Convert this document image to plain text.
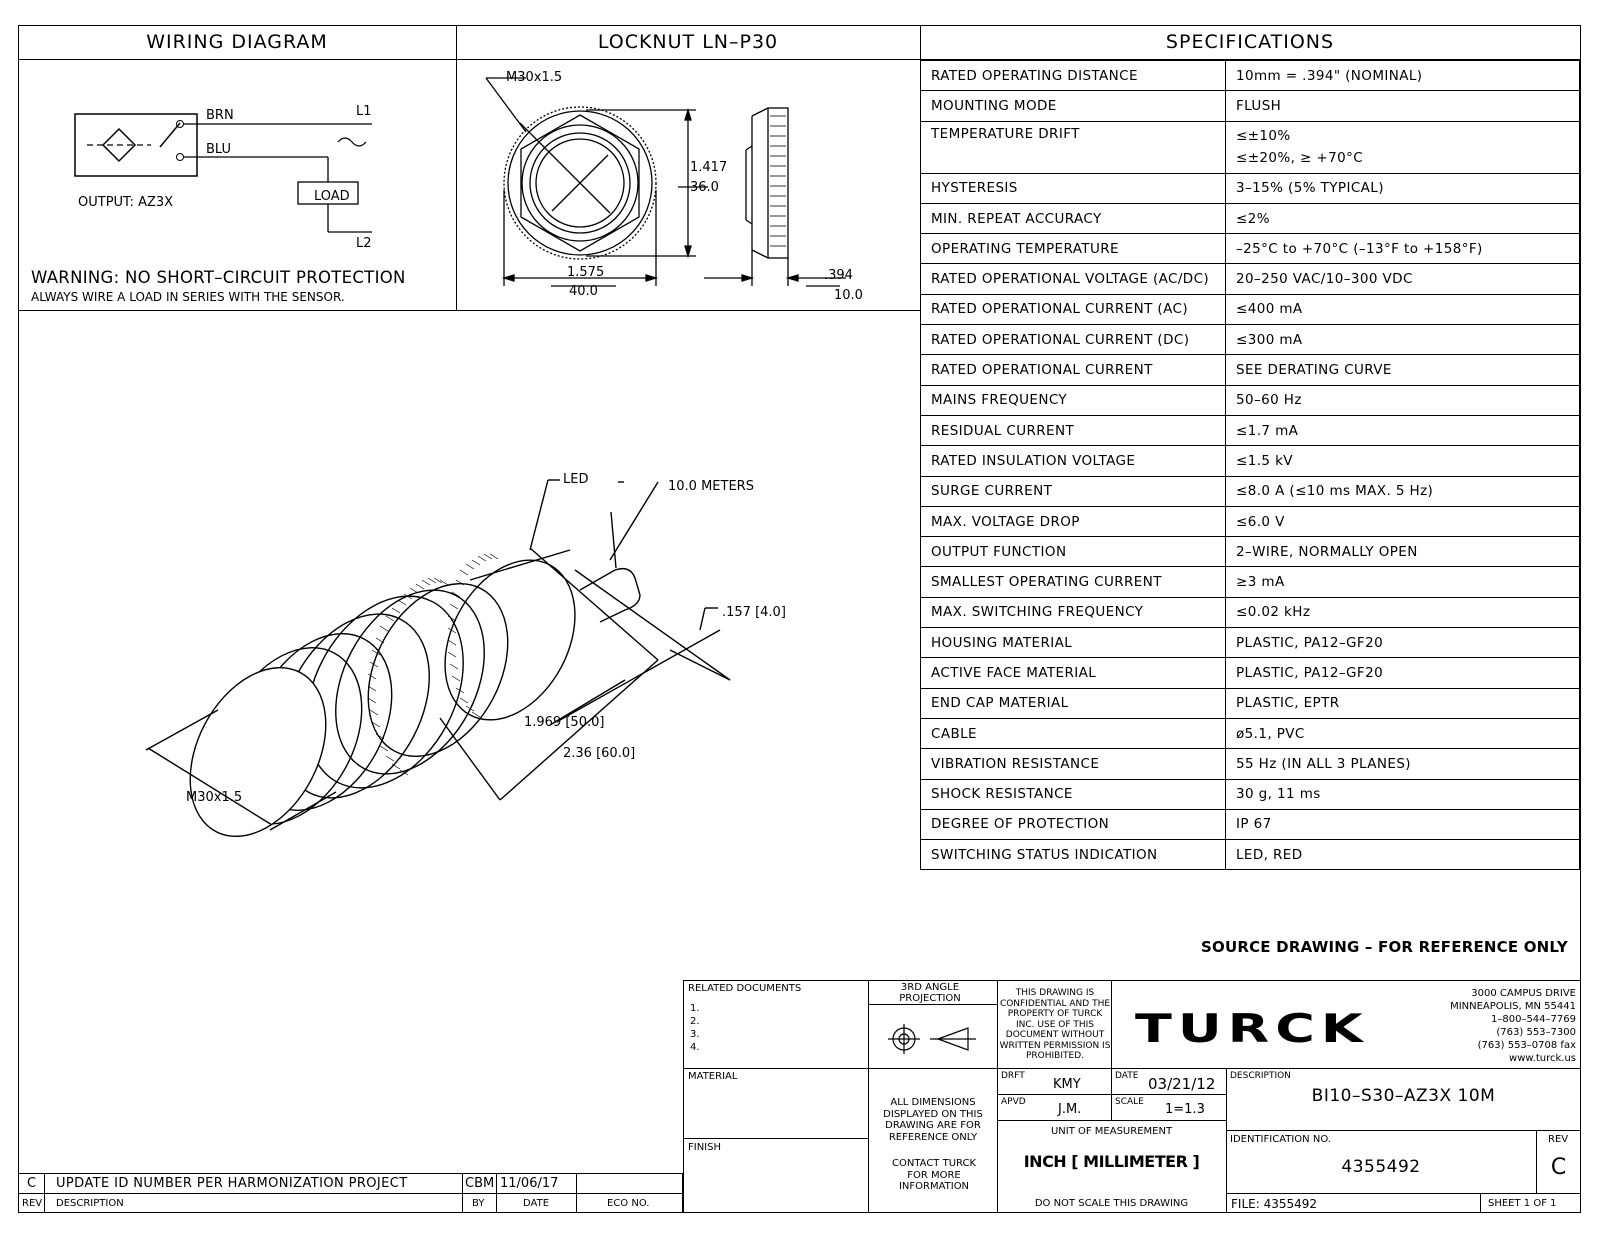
WIRING DIAGRAM	LOCKNUT LN–P30	SPECIFICATIONS
BRN
BLU
L1
L2
LOAD
OUTPUT: AZ3X
WARNING: NO SHORT–CIRCUIT PROTECTION
ALWAYS WIRE A LOAD IN SERIES WITH THE SENSOR.
M30x1.5
1.417
36.0
1.575
40.0
.394
10.0
RATED OPERATING DISTANCE	10mm = .394" (NOMINAL)
MOUNTING MODE	FLUSH
TEMPERATURE DRIFT	≤±10%
≤±20%, ≥ +70°C

HYSTERESIS	3–15% (5% TYPICAL)
MIN. REPEAT ACCURACY	≤2%
OPERATING TEMPERATURE	–25°C to +70°C (–13°F to +158°F)
RATED OPERATIONAL VOLTAGE (AC/DC)	20–250 VAC/10–300 VDC
RATED OPERATIONAL CURRENT (AC)	≤400 mA
RATED OPERATIONAL CURRENT (DC)	≤300 mA
RATED OPERATIONAL CURRENT	SEE DERATING CURVE
MAINS FREQUENCY	50–60 Hz
RESIDUAL CURRENT	≤1.7 mA
RATED INSULATION VOLTAGE	≤1.5 kV
SURGE CURRENT	≤8.0 A (≤10 ms MAX. 5 Hz)
MAX. VOLTAGE DROP	≤6.0 V
OUTPUT FUNCTION	2–WIRE, NORMALLY OPEN
SMALLEST OPERATING CURRENT	≥3 mA
MAX. SWITCHING FREQUENCY	≤0.02 kHz
HOUSING MATERIAL	PLASTIC, PA12–GF20
ACTIVE FACE MATERIAL	PLASTIC, PA12–GF20
END CAP MATERIAL	PLASTIC, EPTR
CABLE	ø5.1, PVC
VIBRATION RESISTANCE	55 Hz (IN ALL 3 PLANES)
SHOCK RESISTANCE	30 g, 11 ms
DEGREE OF PROTECTION	IP 67
SWITCHING STATUS INDICATION	LED, RED
LED	10.0 METERS
.157 [4.0]
1.969 [50.0]
2.36 [60.0]
M30x1.5
SOURCE DRAWING – FOR REFERENCE ONLY
RELATED DOCUMENTS
1.
2.
3.
4.
3RD ANGLE PROJECTION	THIS DRAWING IS CONFIDENTIAL AND THE PROPERTY OF TURCK INC. USE OF THIS DOCUMENT WITHOUT WRITTEN PERMISSION IS PROHIBITED.
TURCK
3000 CAMPUS DRIVE
MINNEAPOLIS, MN 55441
1–800–544–7769
(763) 553–7300
(763) 553–0708 fax
www.turck.us
MATERIAL
FINISH
ALL DIMENSIONS DISPLAYED ON THIS DRAWING ARE FOR REFERENCE ONLY
CONTACT TURCK FOR MORE INFORMATION
DRFT
KMY
DATE 03/21/12
APVD J.M.	SCALE 1=1.3
UNIT OF MEASUREMENT
INCH [ MILLIMETER ]
DO NOT SCALE THIS DRAWING
DESCRIPTION
BI10–S30–AZ3X 10M
IDENTIFICATION NO.
4355492
REV
C
FILE: 4355492	SHEET 1 OF 1
C UPDATE ID NUMBER PER HARMONIZATION PROJECT	CBM 11/06/17
REV DESCRIPTION	BY	DATE	ECO NO.
